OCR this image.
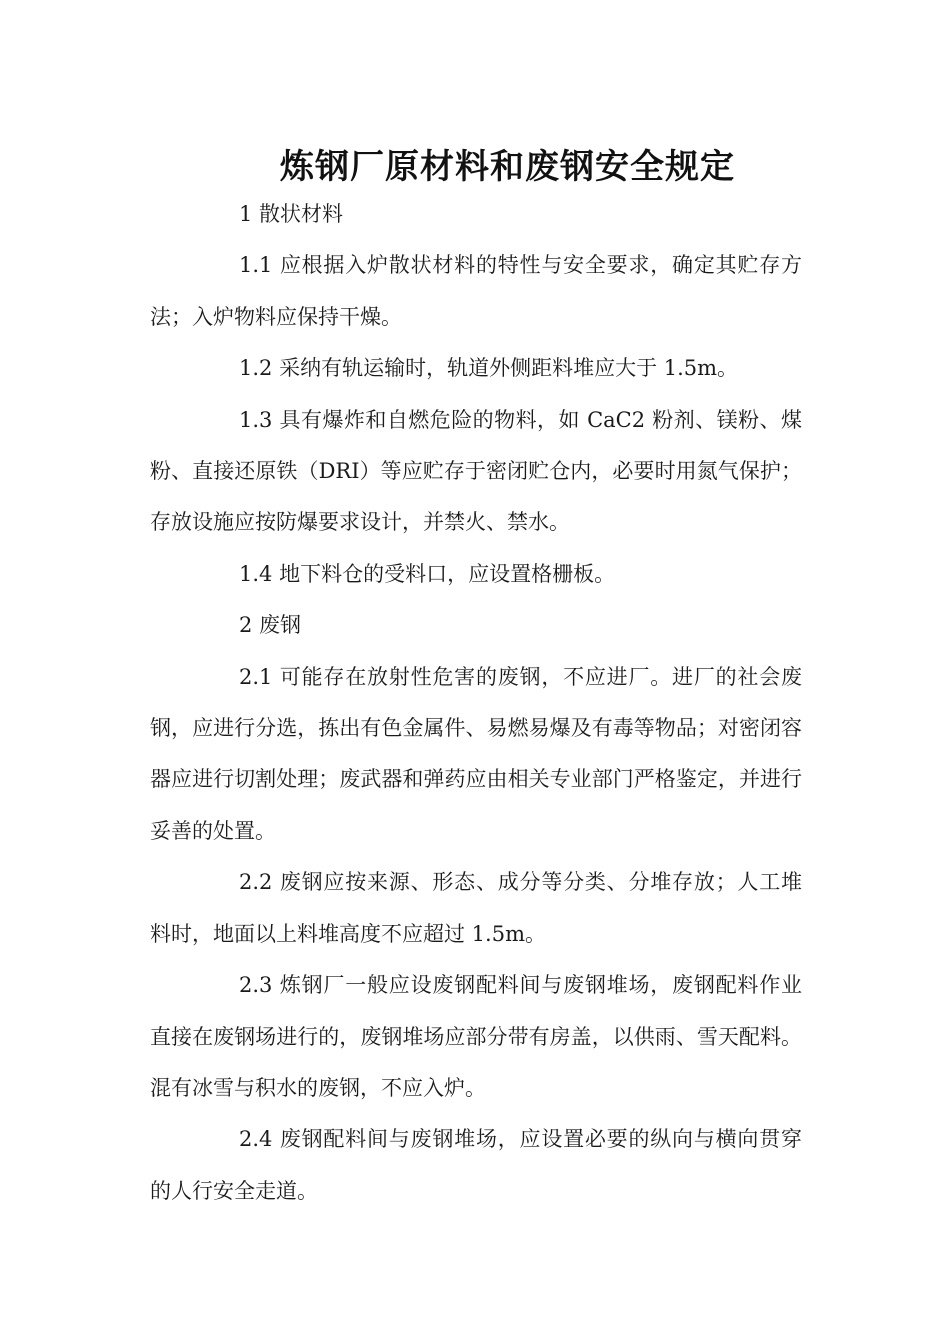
炼钢厂原材料和废钢安全规定

1 散状材料

1.1 应根据入炉散状材料的特性与安全要求，确定其贮存方法；入炉物料应保持干燥。

1.2 采纳有轨运输时，轨道外侧距料堆应大于 1.5m。

1.3 具有爆炸和自燃危险的物料，如 CaC2 粉剂、镁粉、煤粉、直接还原铁（DRI）等应贮存于密闭贮仓内，必要时用氮气保护；存放设施应按防爆要求设计，并禁火、禁水。

1.4 地下料仓的受料口，应设置格栅板。

2 废钢

2.1 可能存在放射性危害的废钢，不应进厂。进厂的社会废钢，应进行分选，拣出有色金属件、易燃易爆及有毒等物品；对密闭容器应进行切割处理；废武器和弹药应由相关专业部门严格鉴定，并进行妥善的处置。

2.2 废钢应按来源、形态、成分等分类、分堆存放；人工堆料时，地面以上料堆高度不应超过 1.5m。

2.3 炼钢厂一般应设废钢配料间与废钢堆场，废钢配料作业直接在废钢场进行的，废钢堆场应部分带有房盖，以供雨、雪天配料。混有冰雪与积水的废钢，不应入炉。

2.4 废钢配料间与废钢堆场，应设置必要的纵向与横向贯穿的人行安全走道。
